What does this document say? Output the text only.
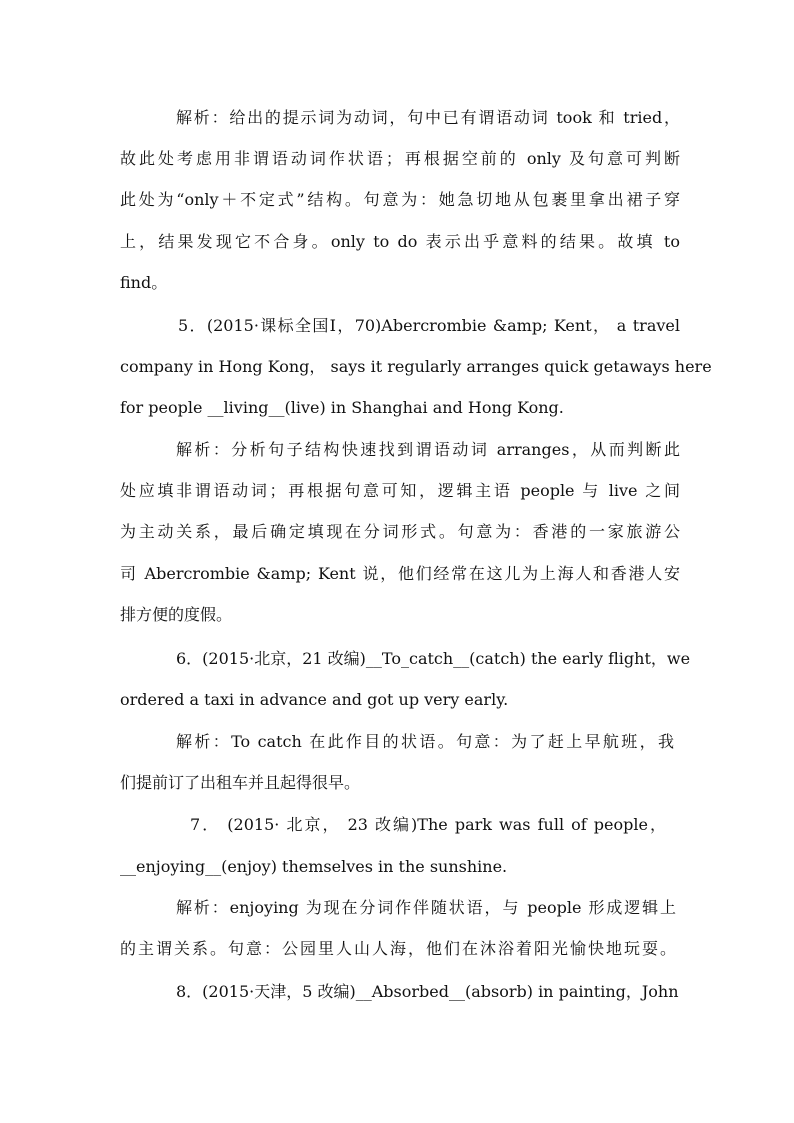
解析：给出的提示词为动词，句中已有谓语动词 took 和 tried，
故此处考虑用非谓语动词作状语；再根据空前的 only 及句意可判断
此处为“only＋不定式”结构。句意为：她急切地从包裹里拿出裙子穿
上，结果发现它不合身。only to do 表示出乎意料的结果。故填 to
find。
5．(2015·课标全国Ⅰ，70)Abercrombie &amp; Kent， a travel
company in Hong Kong， says it regularly arranges quick getaways here
for people __living__(live) in Shanghai and Hong Kong.
解析：分析句子结构快速找到谓语动词 arranges，从而判断此
处应填非谓语动词；再根据句意可知，逻辑主语 people 与 live 之间
为主动关系，最后确定填现在分词形式。句意为：香港的一家旅游公
司 Abercrombie &amp; Kent 说，他们经常在这儿为上海人和香港人安
排方便的度假。
6．(2015·北京，21 改编)__To_catch__(catch) the early flight，we
ordered a taxi in advance and got up very early.
解析：To catch 在此作目的状语。句意：为了赶上早航班，我
们提前订了出租车并且起得很早。
7． (2015· 北京， 23 改编)The park was full of people，
__enjoying__(enjoy) themselves in the sunshine.
解析：enjoying 为现在分词作伴随状语，与 people 形成逻辑上
的主谓关系。句意：公园里人山人海，他们在沐浴着阳光愉快地玩耍。
8．(2015·天津，5 改编)__Absorbed__(absorb) in painting，John
